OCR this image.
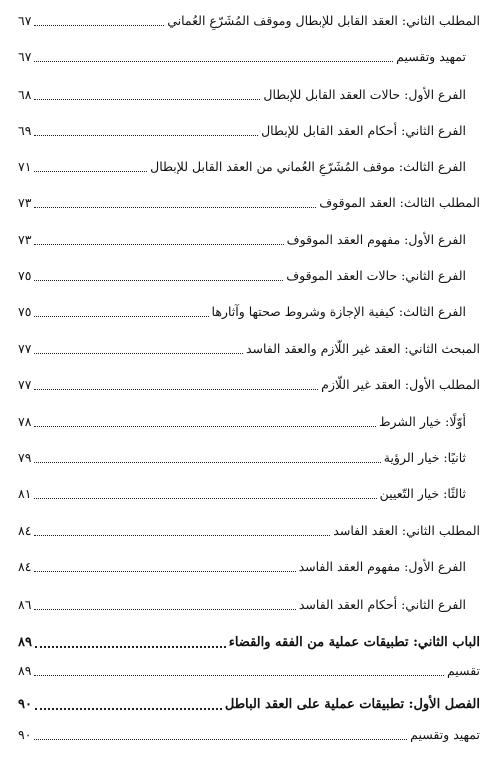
المطلب الثاني: العقد القابل للإبطال وموقف المُشَرّعِ العُماني
٦٧
تمهيد وتقسيم
٦٧
الفرع الأول: حالات العقد القابل للإبطال
٦٨
الفرع الثاني: أحكام العقد القابل للإبطال
٦٩
الفرع الثالث: موقف المُشَرّعِ العُماني من العقد القابل للإبطال
٧١
المطلب الثالث: العقد الموقوف
٧٣
الفرع الأول: مفهوم العقد الموقوف
٧٣
الفرع الثاني: حالات العقد الموقوف
٧٥
الفرع الثالث: كيفية الإجازة وشروط صحتها وآثارها
٧٥
المبحث الثاني: العقد غير اللّازم والعقد الفاسد
٧٧
المطلب الأول: العقد غير اللّازم
٧٧
أوّلًا: خيار الشرط
٧٨
ثانيًا: خيار الرؤية
٧٩
ثالثًا: خيار التّعيين
٨١
المطلب الثاني: العقد الفاسد
٨٤
الفرع الأول: مفهوم العقد الفاسد
٨٤
الفرع الثاني: أحكام العقد الفاسد
٨٦
الباب الثاني: تطبيقات عملية من الفقه والقضاء
٨٩
تقسيم
٨٩
الفصل الأول: تطبيقات عملية على العقد الباطل
٩٠
تمهيد وتقسيم
٩٠
